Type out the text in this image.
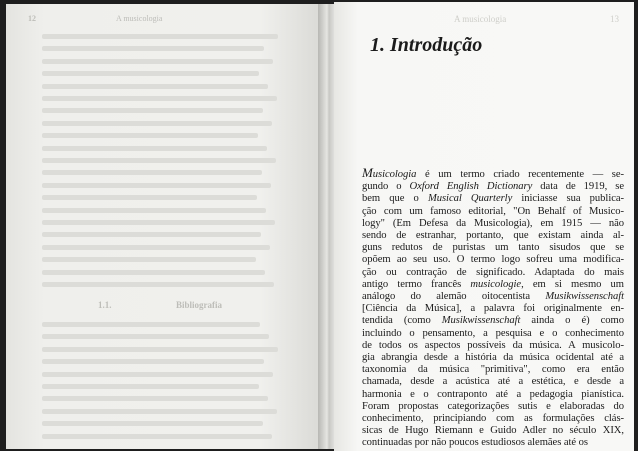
12	A musicologia
1.1.	Bibliografia
A musicologia	13
1. Introdução
Musicologia é um termo criado recentemente — se-
gundo o Oxford English Dictionary data de 1919, se
bem que o Musical Quarterly iniciasse sua publica-
ção com um famoso editorial, "On Behalf of Musico-
logy" (Em Defesa da Musicologia), em 1915 — não
sendo de estranhar, portanto, que existam ainda al-
guns redutos de puristas um tanto sisudos que se
opõem ao seu uso. O termo logo sofreu uma modifica-
ção ou contração de significado. Adaptada do mais
antigo termo francês musicologie, em si mesmo um
análogo do alemão oitocentista Musikwissenschaft
[Ciência da Música], a palavra foi originalmente en-
tendida (como Musikwissenschaft ainda o é) como
incluindo o pensamento, a pesquisa e o conhecimento
de todos os aspectos possíveis da música. A musicolo-
gia abrangia desde a história da música ocidental até a
taxonomia da música "primitiva", como era então
chamada, desde a acústica até a estética, e desde a
harmonia e o contraponto até a pedagogia pianística.
Foram propostas categorizações sutis e elaboradas do
conhecimento, principiando com as formulações clás-
sicas de Hugo Riemann e Guido Adler no século XIX,
continuadas por não poucos estudiosos alemães até os
